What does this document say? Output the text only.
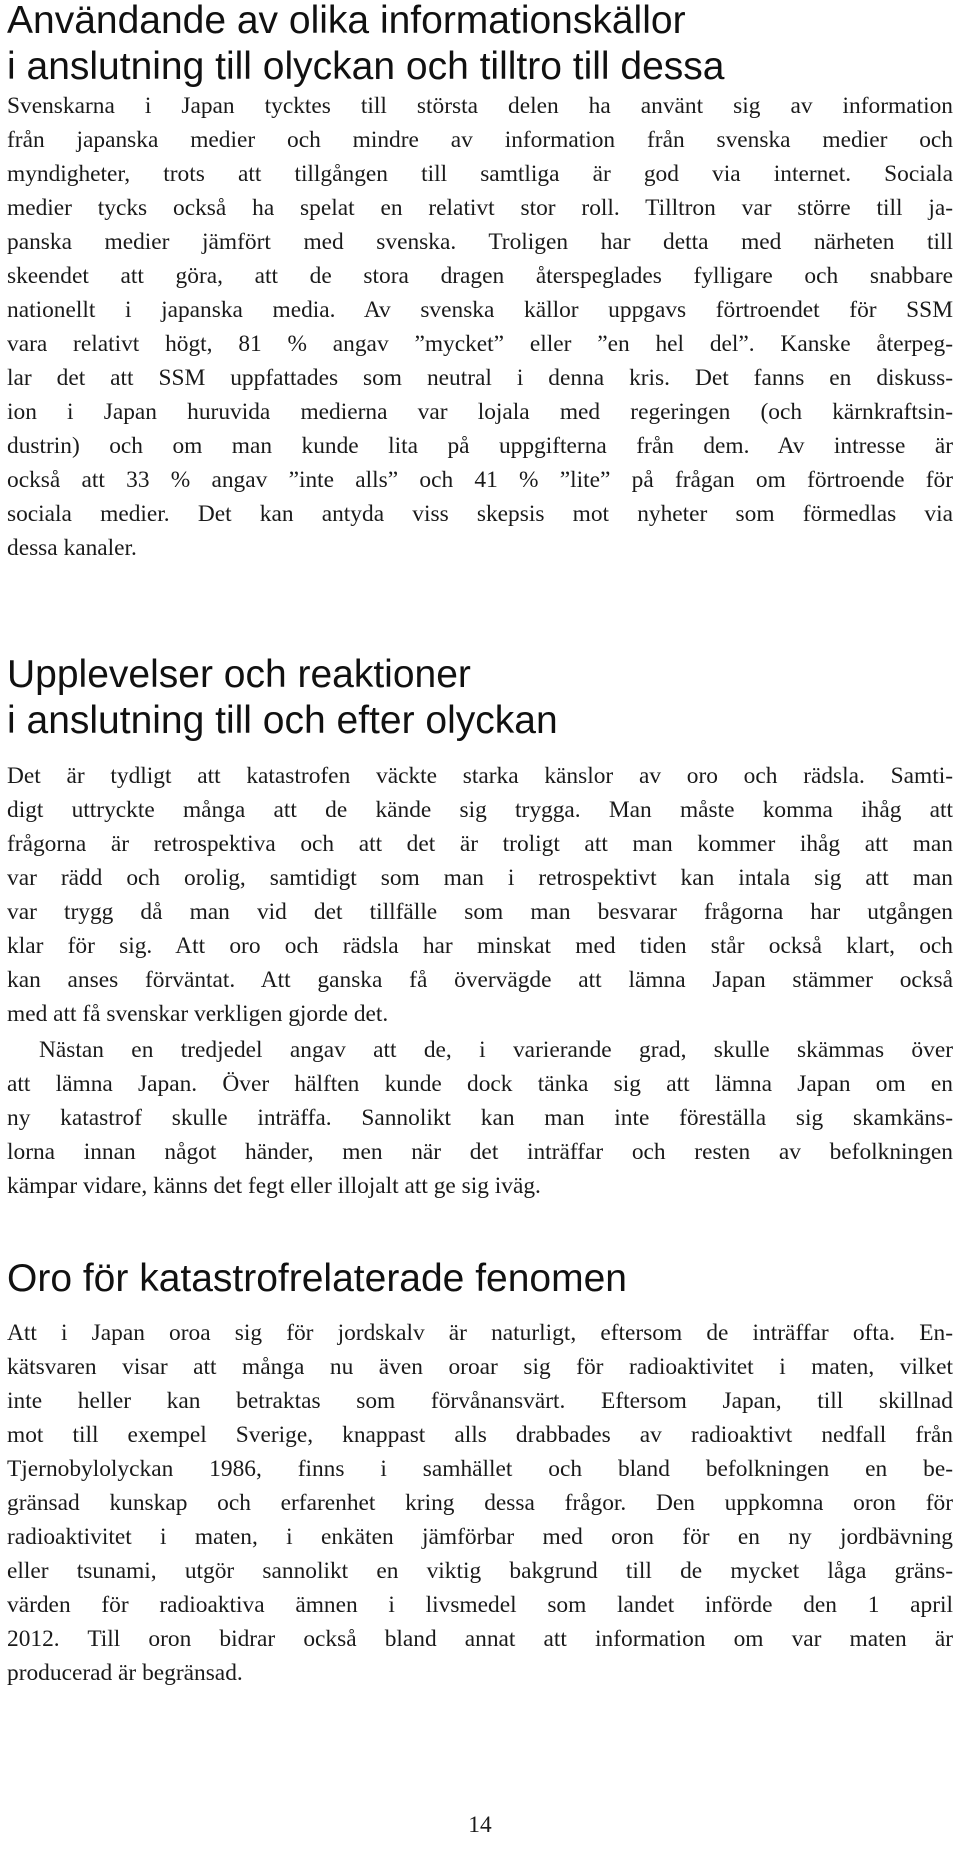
Användande av olika informationskällor
i anslutning till olyckan och tilltro till dessa

Svenskarna i Japan tycktes till största delen ha använt sig av information
från japanska medier och mindre av information från svenska medier och
myndigheter, trots att tillgången till samtliga är god via internet. Sociala
medier tycks också ha spelat en relativt stor roll. Tilltron var större till ja-
panska medier jämfört med svenska. Troligen har detta med närheten till
skeendet att göra, att de stora dragen återspeglades fylligare och snabbare
nationellt i japanska media. Av svenska källor uppgavs förtroendet för SSM
vara relativt högt, 81 % angav ”mycket” eller ”en hel del”. Kanske återpeg-
lar det att SSM uppfattades som neutral i denna kris. Det fanns en diskuss-
ion i Japan huruvida medierna var lojala med regeringen (och kärnkraftsin-
dustrin) och om man kunde lita på uppgifterna från dem. Av intresse är
också att 33 % angav ”inte alls” och 41 % ”lite” på frågan om förtroende för
sociala medier. Det kan antyda viss skepsis mot nyheter som förmedlas via
dessa kanaler.

Upplevelser och reaktioner
i anslutning till och efter olyckan

Det är tydligt att katastrofen väckte starka känslor av oro och rädsla. Samti-
digt uttryckte många att de kände sig trygga. Man måste komma ihåg att
frågorna är retrospektiva och att det är troligt att man kommer ihåg att man
var rädd och orolig, samtidigt som man i retrospektivt kan intala sig att man
var trygg då man vid det tillfälle som man besvarar frågorna har utgången
klar för sig. Att oro och rädsla har minskat med tiden står också klart, och
kan anses förväntat. Att ganska få övervägde att lämna Japan stämmer också
med att få svenskar verkligen gjorde det.

Nästan en tredjedel angav att de, i varierande grad, skulle skämmas över
att lämna Japan. Över hälften kunde dock tänka sig att lämna Japan om en
ny katastrof skulle inträffa. Sannolikt kan man inte föreställa sig skamkäns-
lorna innan något händer, men när det inträffar och resten av befolkningen
kämpar vidare, känns det fegt eller illojalt att ge sig iväg.

Oro för katastrofrelaterade fenomen

Att i Japan oroa sig för jordskalv är naturligt, eftersom de inträffar ofta. En-
kätsvaren visar att många nu även oroar sig för radioaktivitet i maten, vilket
inte heller kan betraktas som förvånansvärt. Eftersom Japan, till skillnad
mot till exempel Sverige, knappast alls drabbades av radioaktivt nedfall från
Tjernobylolyckan 1986, finns i samhället och bland befolkningen en be-
gränsad kunskap och erfarenhet kring dessa frågor. Den uppkomna oron för
radioaktivitet i maten, i enkäten jämförbar med oron för en ny jordbävning
eller tsunami, utgör sannolikt en viktig bakgrund till de mycket låga gräns-
värden för radioaktiva ämnen i livsmedel som landet införde den 1 april
2012. Till oron bidrar också bland annat att information om var maten är
producerad är begränsad.

14
